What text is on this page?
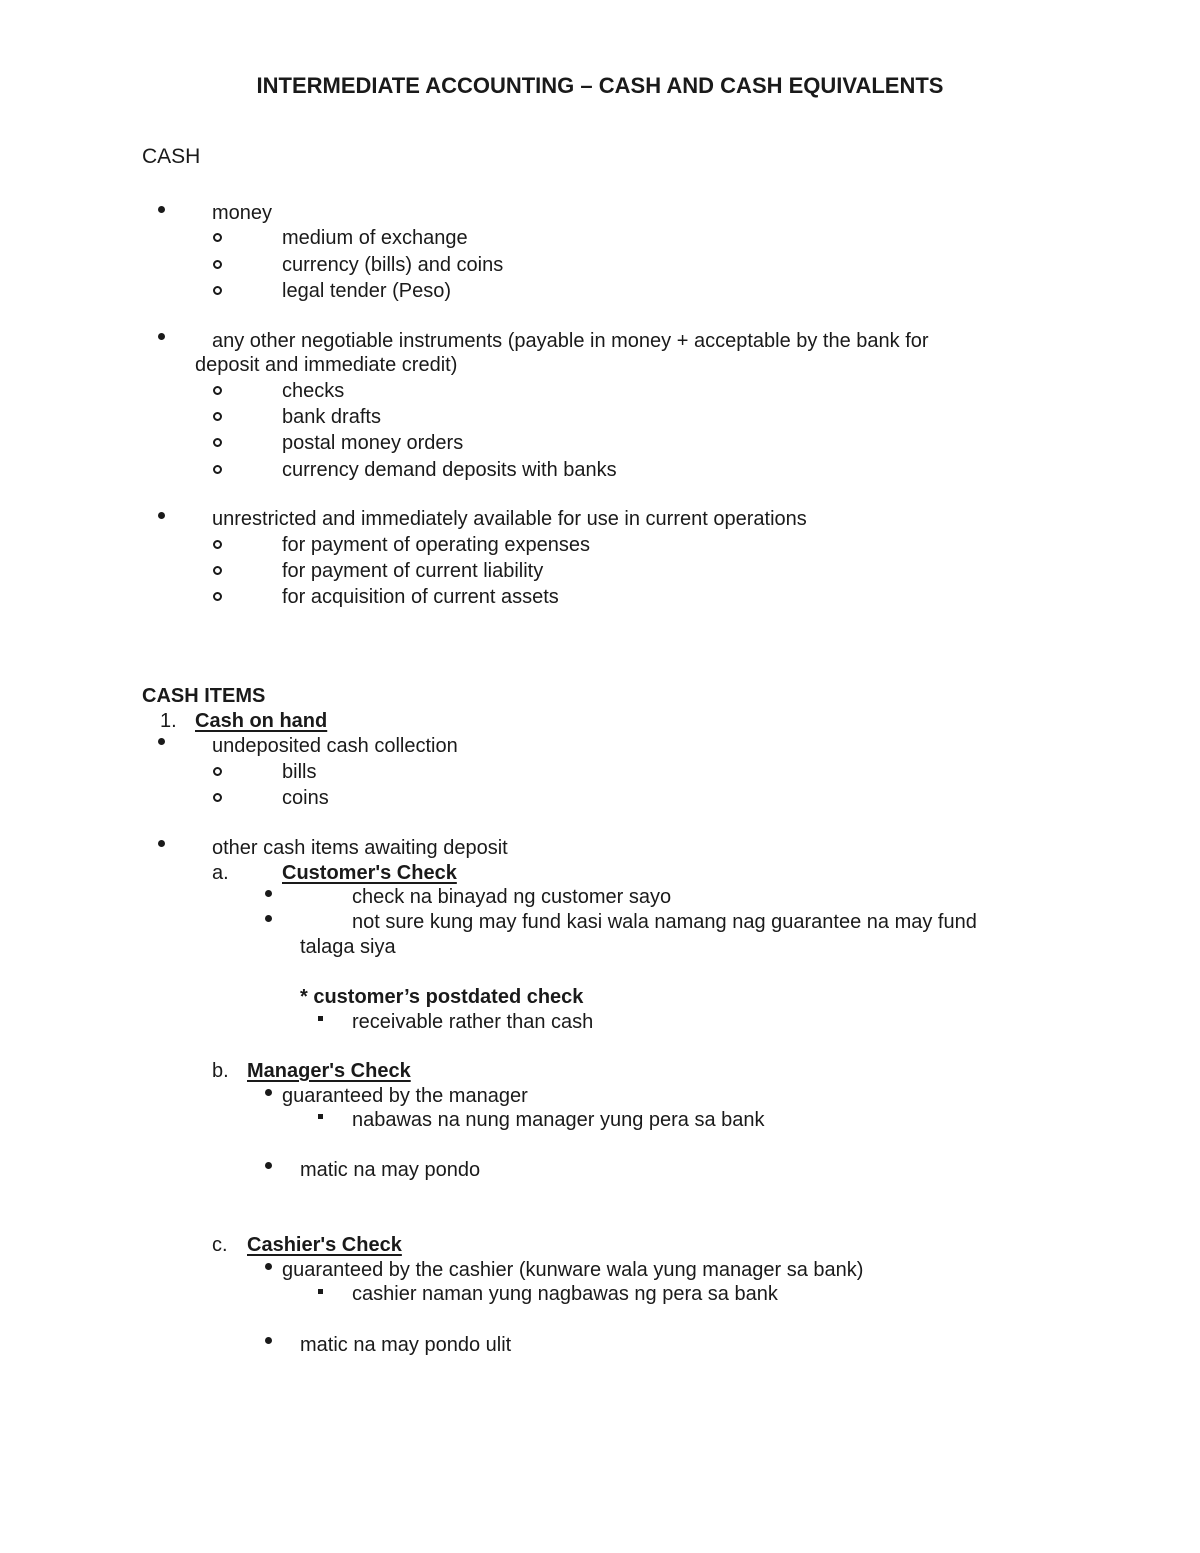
INTERMEDIATE ACCOUNTING – CASH AND CASH EQUIVALENTS
CASH
money
medium of exchange
currency (bills) and coins
legal tender (Peso)
any other negotiable instruments (payable in money + acceptable by the bank for
deposit and immediate credit)
checks
bank drafts
postal money orders
currency demand deposits with banks
unrestricted and immediately available for use in current operations
for payment of operating expenses
for payment of current liability
for acquisition of current assets
CASH ITEMS
1. Cash on hand
undeposited cash collection
bills
coins
other cash items awaiting deposit
a.	Customer's Check
check na binayad ng customer sayo
not sure kung may fund kasi wala namang nag guarantee na may fund
talaga siya
* customer’s postdated check
receivable rather than cash
b. Manager's Check
guaranteed by the manager
nabawas na nung manager yung pera sa bank
matic na may pondo
c. Cashier's Check
guaranteed by the cashier (kunware wala yung manager sa bank)
cashier naman yung nagbawas ng pera sa bank
matic na may pondo ulit
